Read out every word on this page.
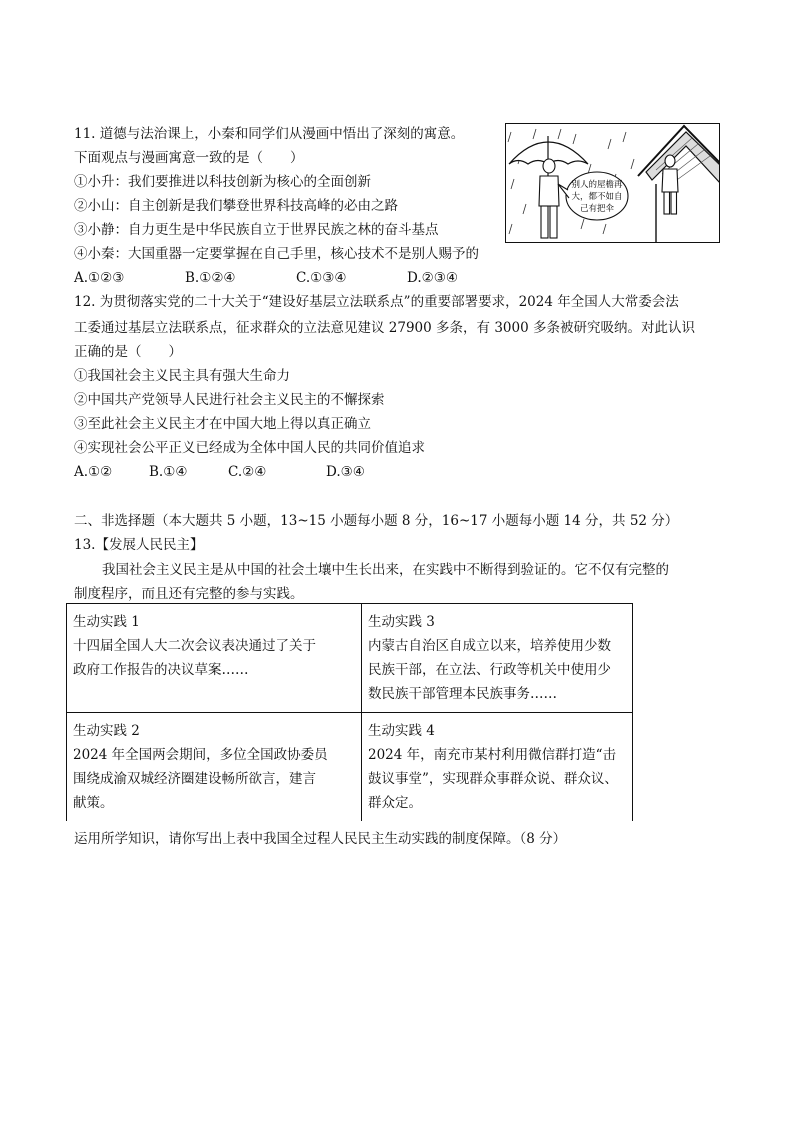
11. 道德与法治课上，小秦和同学们从漫画中悟出了深刻的寓意。
下面观点与漫画寓意一致的是（　　）
①小升：我们要推进以科技创新为核心的全面创新
②小山：自主创新是我们攀登世界科技高峰的必由之路
③小静：自力更生是中华民族自立于世界民族之林的奋斗基点
④小秦：大国重器一定要掌握在自己手里，核心技术不是别人赐予的
A.①②③	B.①②④	C.①③④	D.②③④
别人的屋檐再
大，都不如自
己有把伞
12. 为贯彻落实党的二十大关于“建设好基层立法联系点”的重要部署要求，2024 年全国人大常委会法
工委通过基层立法联系点，征求群众的立法意见建议 27900 多条，有 3000 多条被研究吸纳。对此认识
正确的是（　　）
①我国社会主义民主具有强大生命力
②中国共产党领导人民进行社会主义民主的不懈探索
③至此社会主义民主才在中国大地上得以真正确立
④实现社会公平正义已经成为全体中国人民的共同价值追求
A.①②	B.①④	C.②④	D.③④
二、非选择题（本大题共 5 小题，13~15 小题每小题 8 分，16~17 小题每小题 14 分，共 52 分）
13.【发展人民民主】
我国社会主义民主是从中国的社会土壤中生长出来，在实践中不断得到验证的。它不仅有完整的
制度程序，而且还有完整的参与实践。
生动实践 1
十四届全国人大二次会议表决通过了关于
政府工作报告的决议草案……	生动实践 3
内蒙古自治区自成立以来，培养使用少数
民族干部，在立法、行政等机关中使用少
数民族干部管理本民族事务……

生动实践 2
2024 年全国两会期间，多位全国政协委员
围绕成渝双城经济圈建设畅所欲言，建言
献策。	生动实践 4
2024 年，南充市某村利用微信群打造“击
鼓议事堂”，实现群众事群众说、群众议、
群众定。
运用所学知识，请你写出上表中我国全过程人民民主生动实践的制度保障。（8 分）
